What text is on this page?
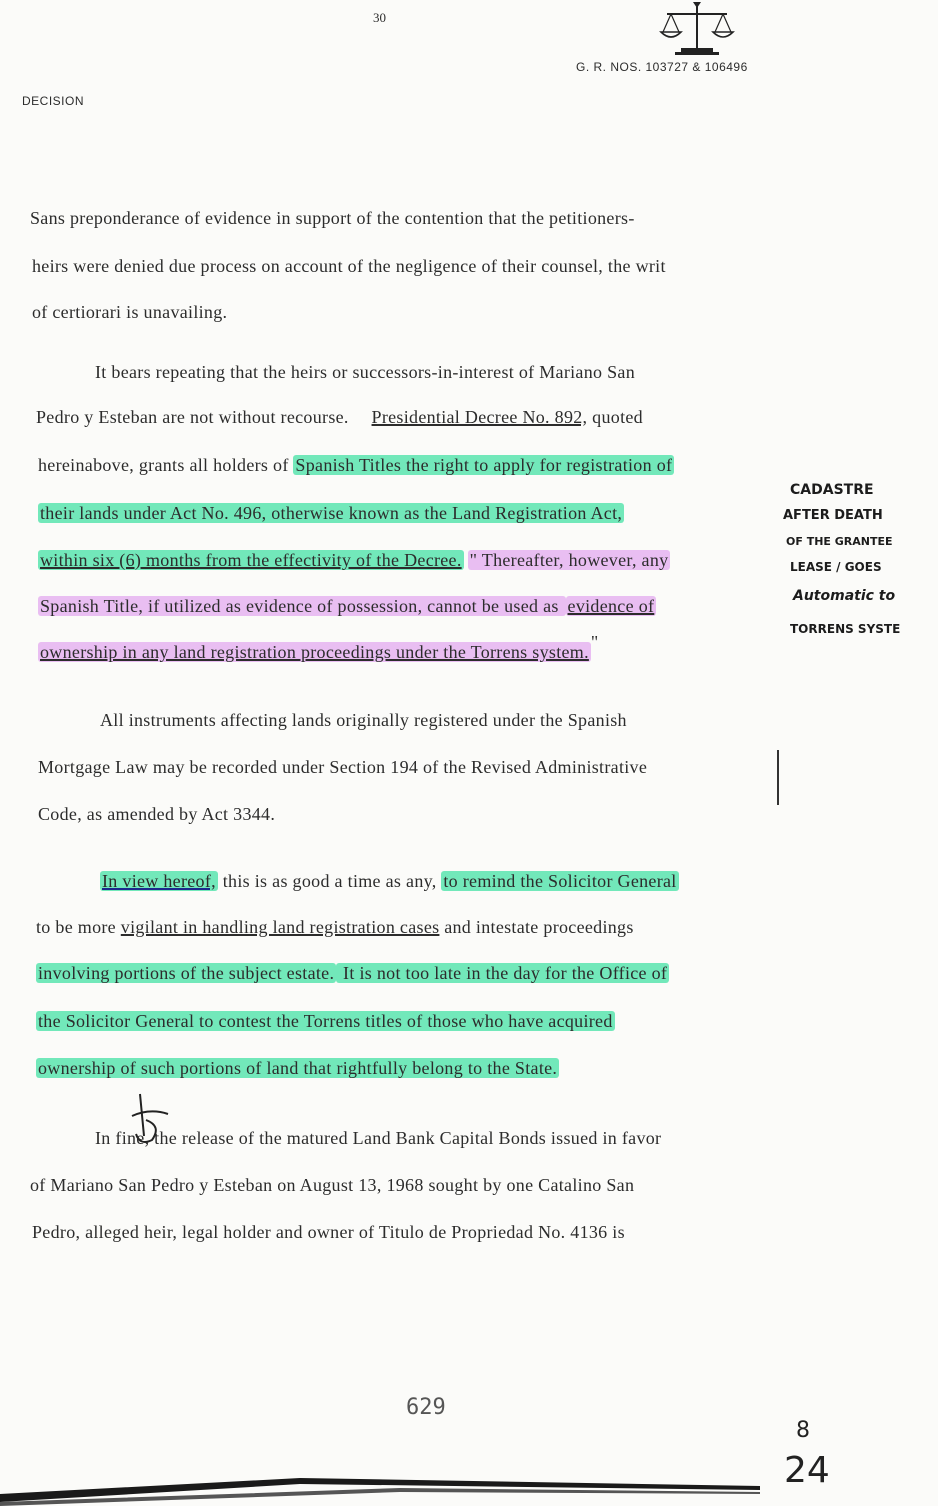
30
G. R. NOS. 103727 & 106496
DECISION
Sans preponderance of evidence in support of the contention that the petitioners-
heirs were denied due process on account of the negligence of their counsel, the writ
of certiorari is unavailing.
It bears repeating that the heirs or successors-in-interest of Mariano San
Pedro y Esteban are not without recourse. Presidential Decree No. 892, quoted
hereinabove, grants all holders of Spanish Titles the right to apply for registration of
their lands under Act No. 496, otherwise known as the Land Registration Act,
within six (6) months from the effectivity of the Decree. " Thereafter, however, any
Spanish Title, if utilized as evidence of possession, cannot be used as evidence of
ownership in any land registration proceedings under the Torrens system. "
All instruments affecting lands originally registered under the Spanish
Mortgage Law may be recorded under Section 194 of the Revised Administrative
Code, as amended by Act 3344.
In view hereof, this is as good a time as any, to remind the Solicitor General
to be more vigilant in handling land registration cases and intestate proceedings
involving portions of the subject estate. It is not too late in the day for the Office of
the Solicitor General to contest the Torrens titles of those who have acquired
ownership of such portions of land that rightfully belong to the State.
In fine, the release of the matured Land Bank Capital Bonds issued in favor
of Mariano San Pedro y Esteban on August 13, 1968 sought by one Catalino San
Pedro, alleged heir, legal holder and owner of Titulo de Propriedad No. 4136 is
CADASTRE
AFTER DEATH
OF THE GRANTEE
LEASE / GOES
Automatic to
TORRENS SYSTE
629
8
24
